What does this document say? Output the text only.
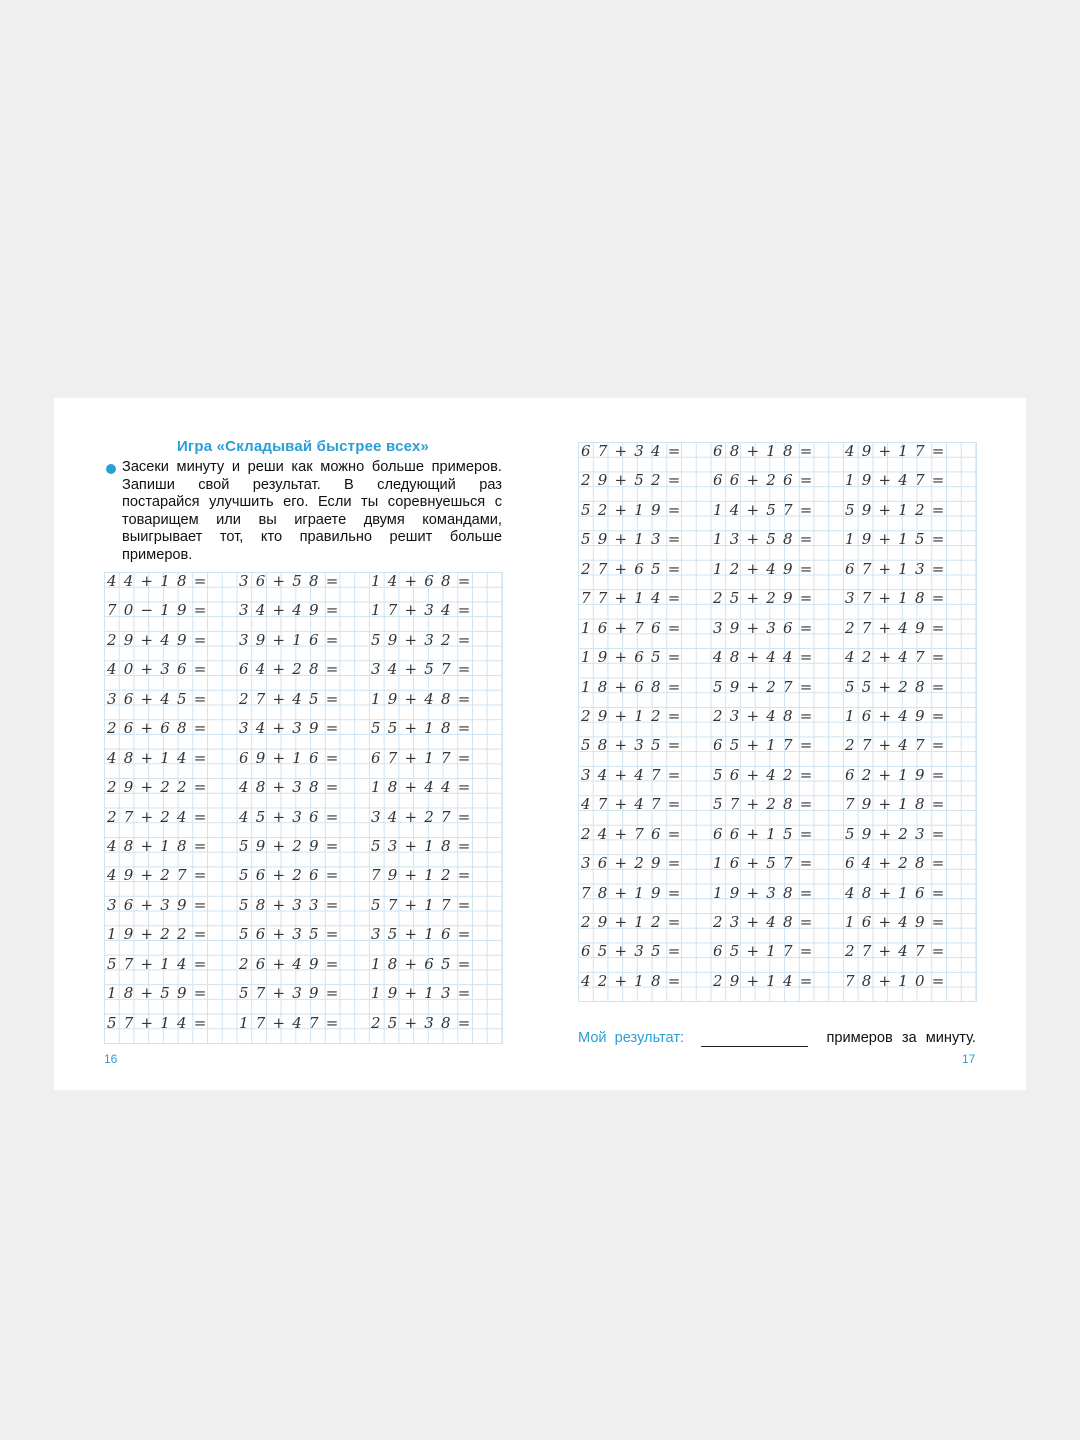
Игра «Складывай быстрее всех»
Засеки минуту и реши как можно больше примеров. Запиши свой результат. В следующий раз постарайся улучшить его. Если ты соревнуешься с товарищем или вы играете двумя командами, выигрывает тот, кто правильно решит больше примеров.
44+18= 36+58= 14+68=
70−19= 34+49= 17+34=
29+49= 39+16= 59+32=
40+36= 64+28= 34+57=
36+45= 27+45= 19+48=
26+68= 34+39= 55+18=
48+14= 69+16= 67+17=
29+22= 48+38= 18+44=
27+24= 45+36= 34+27=
48+18= 59+29= 53+18=
49+27= 56+26= 79+12=
36+39= 58+33= 57+17=
19+22= 56+35= 35+16=
57+14= 26+49= 18+65=
18+59= 57+39= 19+13=
57+14= 17+47= 25+38=
16
67+34= 68+18= 49+17=
29+52= 66+26= 19+47=
52+19= 14+57= 59+12=
59+13= 13+58= 19+15=
27+65= 12+49= 67+13=
77+14= 25+29= 37+18=
16+76= 39+36= 27+49=
19+65= 48+44= 42+47=
18+68= 59+27= 55+28=
29+12= 23+48= 16+49=
58+35= 65+17= 27+47=
34+47= 56+42= 62+19=
47+47= 57+28= 79+18=
24+76= 66+15= 59+23=
36+29= 16+57= 64+28=
78+19= 19+38= 48+16=
29+12= 23+48= 16+49=
65+35= 65+17= 27+47=
42+18= 29+14= 78+10=
Мой результат:	примеров за минуту.
17
